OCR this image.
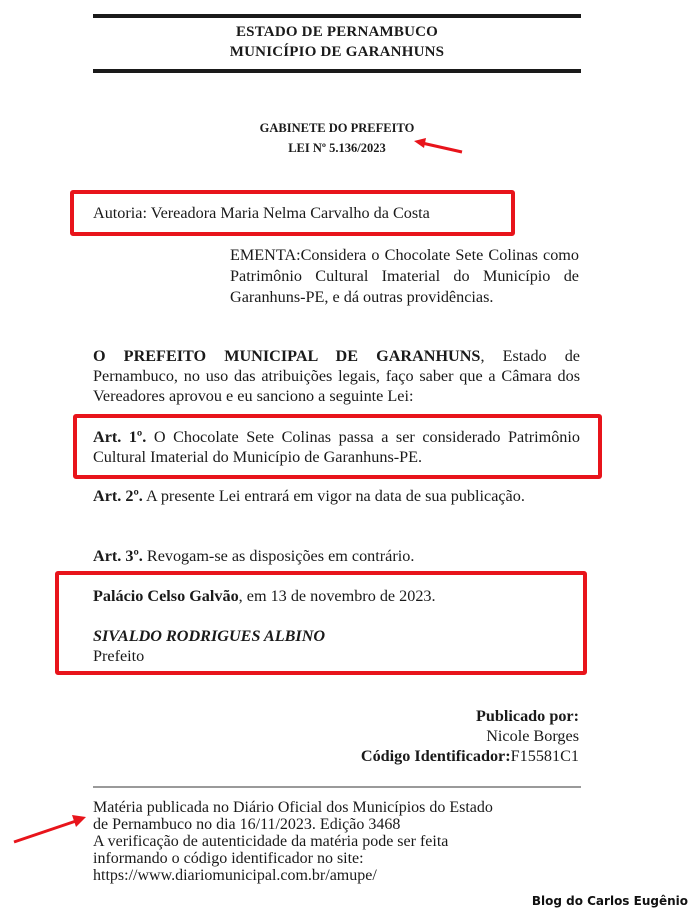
ESTADO DE PERNAMBUCO
MUNICÍPIO DE GARANHUNS
GABINETE DO PREFEITO
LEI Nº 5.136/2023
Autoria: Vereadora Maria Nelma Carvalho da Costa
EMENTA:Considera o Chocolate Sete Colinas como Patrimônio Cultural Imaterial do Município de Garanhuns-PE, e dá outras providências.
O PREFEITO MUNICIPAL DE GARANHUNS, Estado de Pernambuco, no uso das atribuições legais, faço saber que a Câmara dos Vereadores aprovou e eu sanciono a seguinte Lei:
Art. 1º. O Chocolate Sete Colinas passa a ser considerado Patrimônio Cultural Imaterial do Município de Garanhuns-PE.
Art. 2º. A presente Lei entrará em vigor na data de sua publicação.
Art. 3º. Revogam-se as disposições em contrário.
Palácio Celso Galvão, em 13 de novembro de 2023.
SIVALDO RODRIGUES ALBINO
Prefeito
Publicado por:
Nicole Borges
Código Identificador:F15581C1
Matéria publicada no Diário Oficial dos Municípios do Estado
de Pernambuco no dia 16/11/2023. Edição 3468
A verificação de autenticidade da matéria pode ser feita
informando o código identificador no site:
https://www.diariomunicipal.com.br/amupe/
Blog do Carlos Eugênio
